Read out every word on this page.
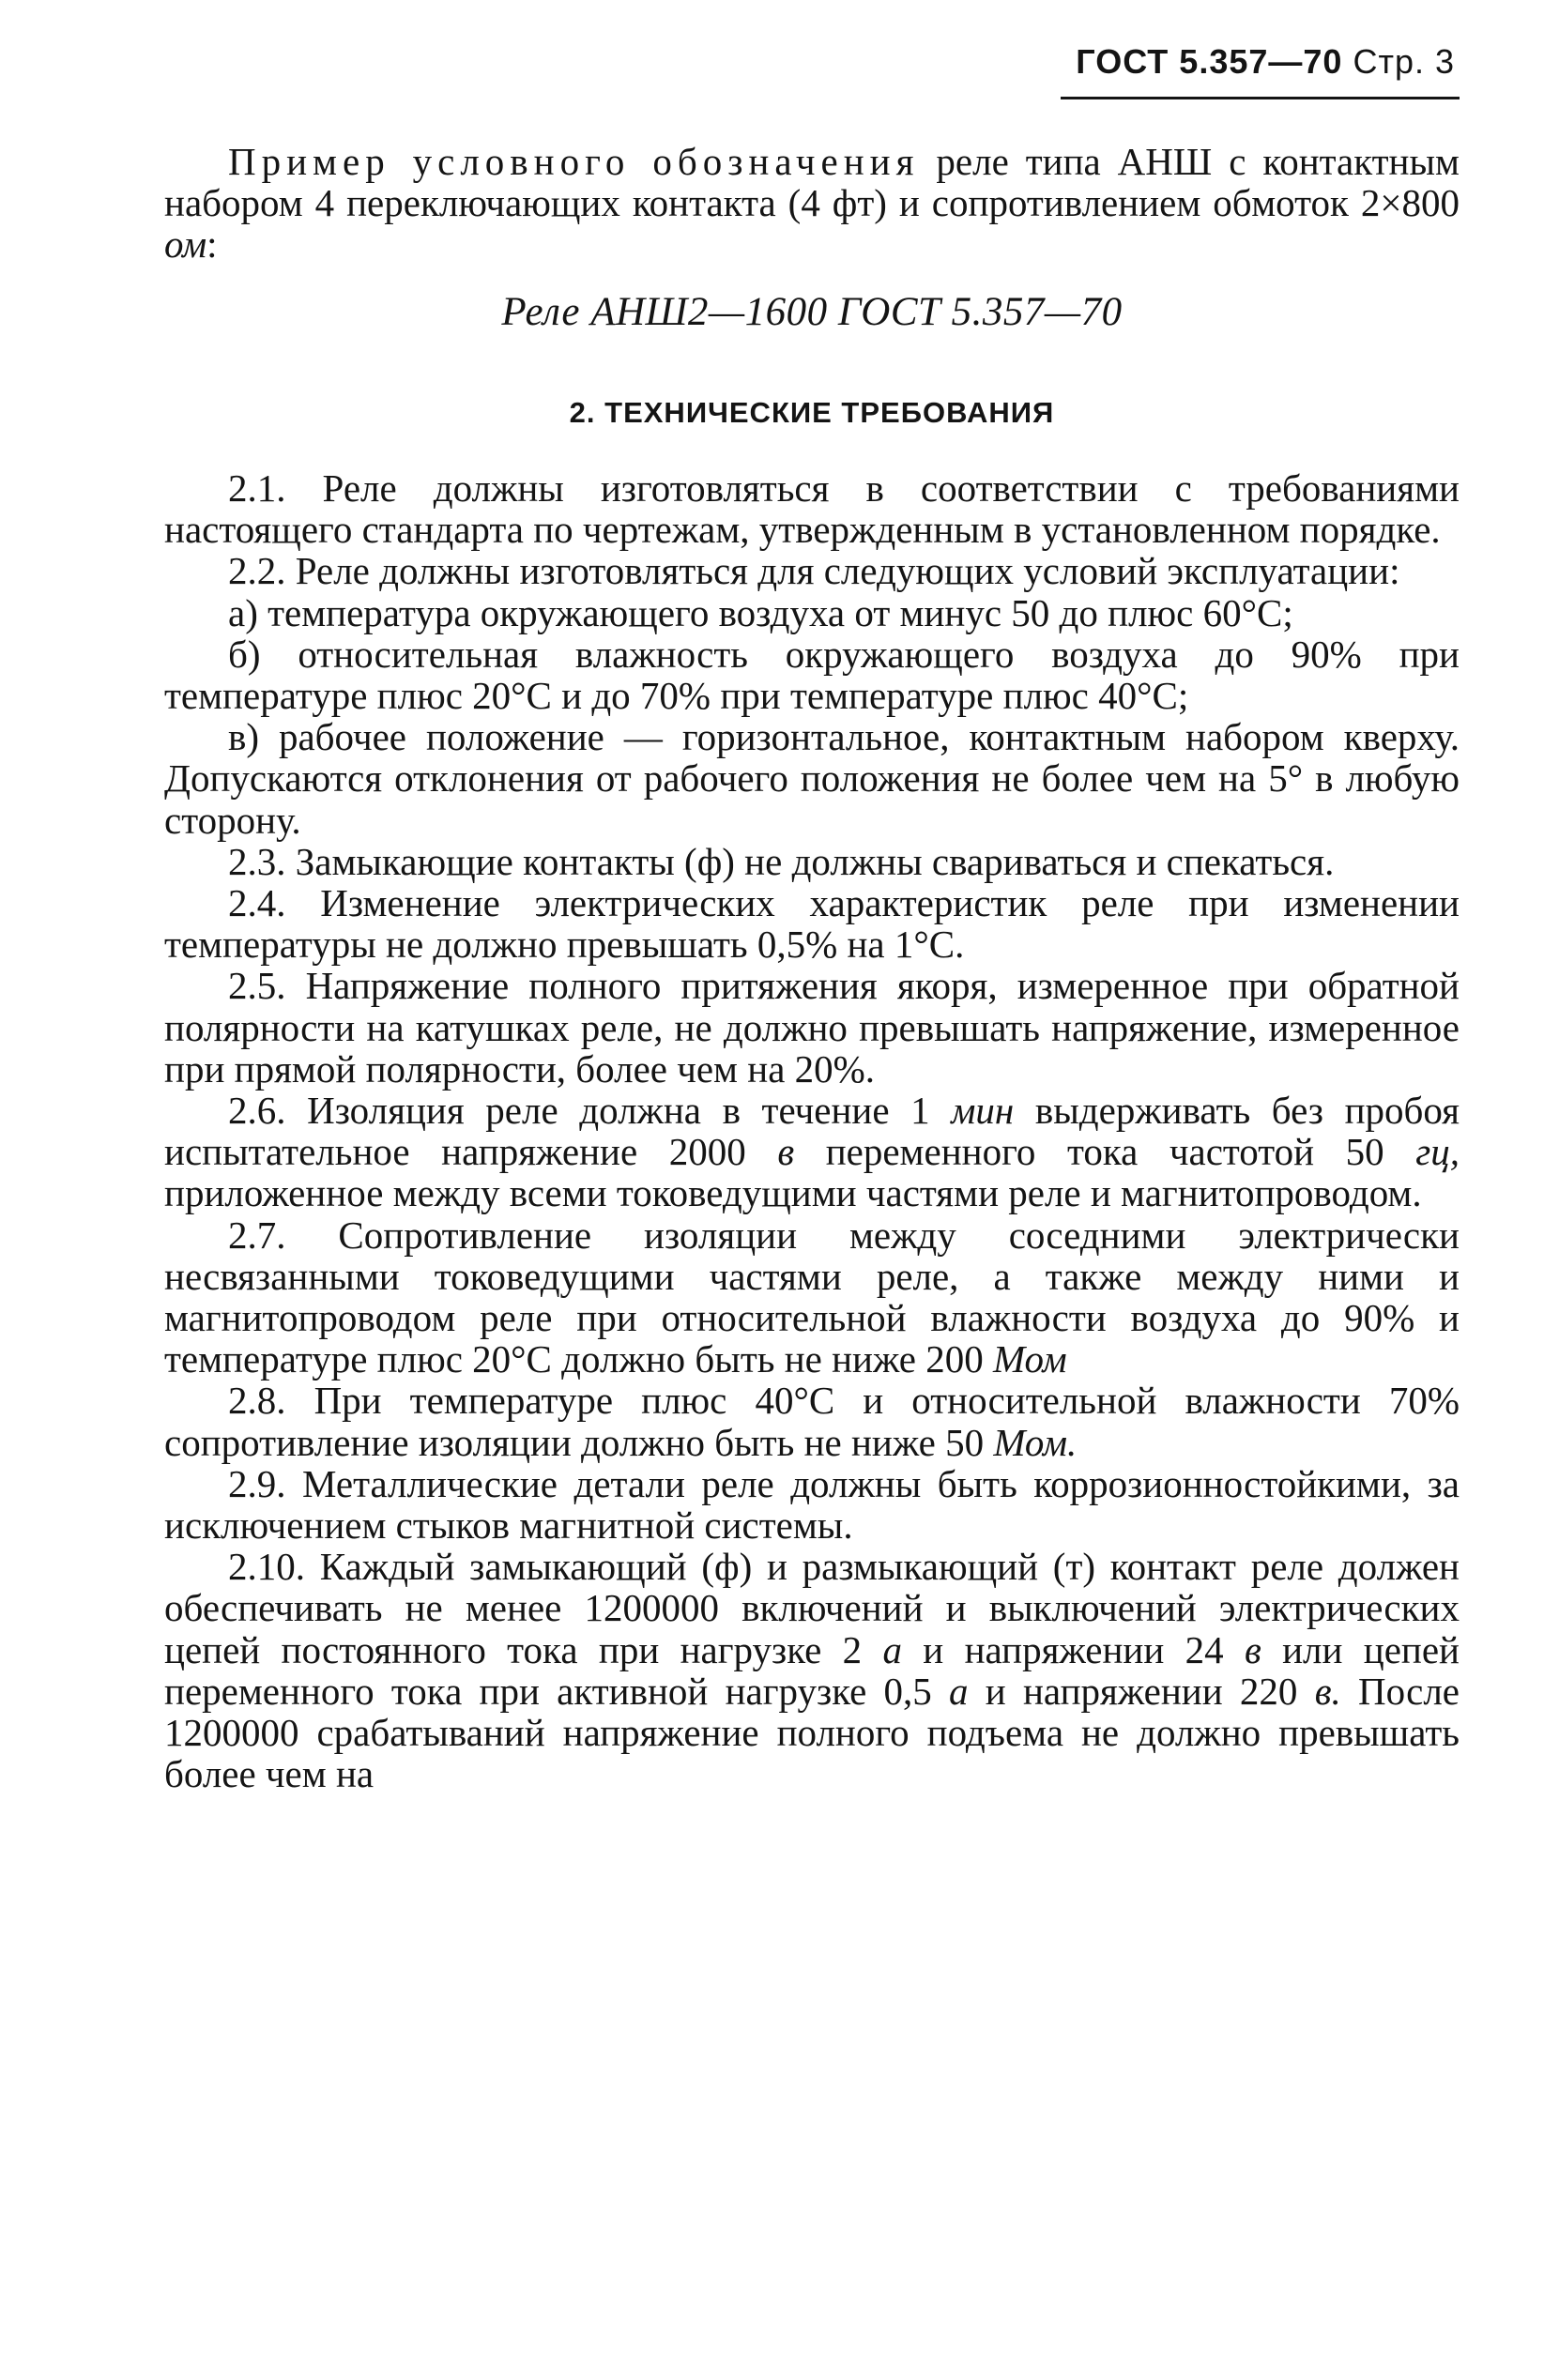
ГОСТ 5.357—70 Стр. 3

Пример условного обозначения реле типа АНШ с контактным набором 4 переключающих контакта (4 фт) и сопротивлением обмоток 2×800 ом:

Реле АНШ2—1600 ГОСТ 5.357—70
2. ТЕХНИЧЕСКИЕ ТРЕБОВАНИЯ

2.1. Реле должны изготовляться в соответствии с требованиями настоящего стандарта по чертежам, утвержденным в установленном порядке.

2.2. Реле должны изготовляться для следующих условий эксплуатации:

а) температура окружающего воздуха от минус 50 до плюс 60°С;

б) относительная влажность окружающего воздуха до 90% при температуре плюс 20°С и до 70% при температуре плюс 40°С;

в) рабочее положение — горизонтальное, контактным набором кверху. Допускаются отклонения от рабочего положения не более чем на 5° в любую сторону.

2.3. Замыкающие контакты (ф) не должны свариваться и спекаться.

2.4. Изменение электрических характеристик реле при изменении температуры не должно превышать 0,5% на 1°С.

2.5. Напряжение полного притяжения якоря, измеренное при обратной полярности на катушках реле, не должно превышать напряжение, измеренное при прямой полярности, более чем на 20%.

2.6. Изоляция реле должна в течение 1 мин выдерживать без пробоя испытательное напряжение 2000 в переменного тока частотой 50 гц, приложенное между всеми токоведущими частями реле и магнитопроводом.

2.7. Сопротивление изоляции между соседними электрически несвязанными токоведущими частями реле, а также между ними и магнитопроводом реле при относительной влажности воздуха до 90% и температуре плюс 20°С должно быть не ниже 200 Мом

2.8. При температуре плюс 40°С и относительной влажности 70% сопротивление изоляции должно быть не ниже 50 Мом.

2.9. Металлические детали реле должны быть коррозионностойкими, за исключением стыков магнитной системы.

2.10. Каждый замыкающий (ф) и размыкающий (т) контакт реле должен обеспечивать не менее 1200000 включений и выключений электрических цепей постоянного тока при нагрузке 2 а и напряжении 24 в или цепей переменного тока при активной нагрузке 0,5 а и напряжении 220 в. После 1200000 срабатываний напряжение полного подъема не должно превышать более чем на
